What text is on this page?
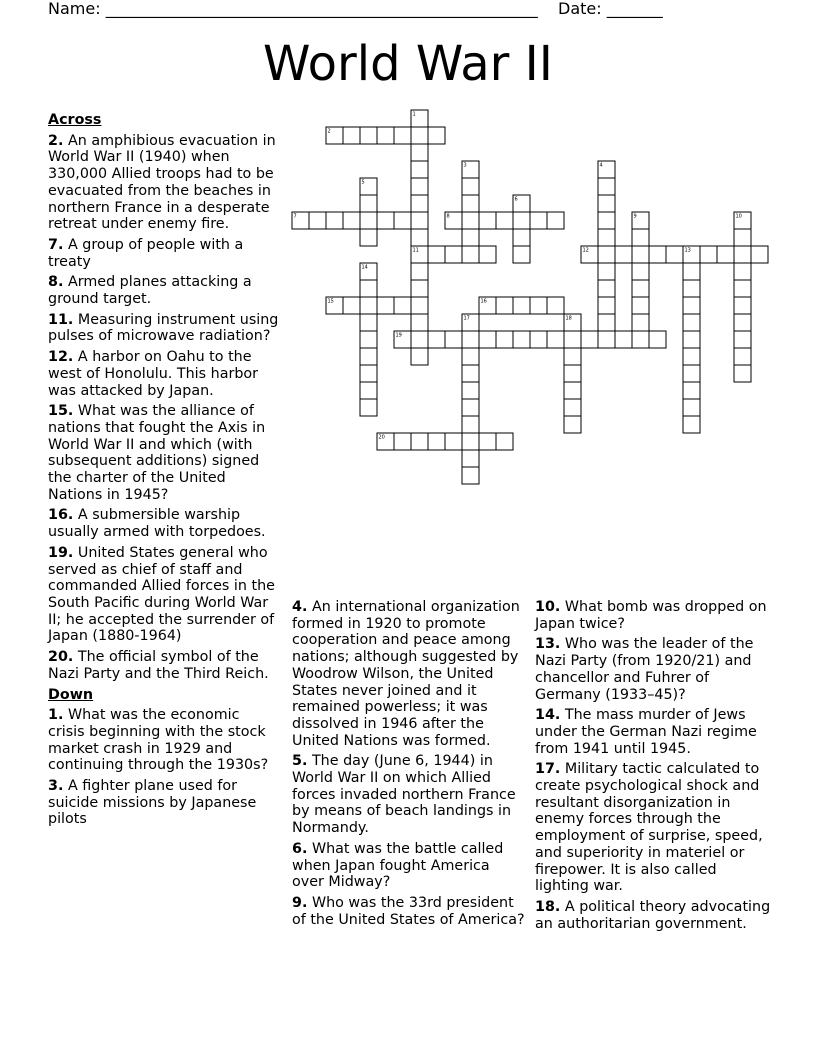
Name: ______________________________________________________ Date: _______
World War II
1
2
3	4
5
6
7	8	9	10
11	12	13
14
15	16
17	18
19
20
Across
2. An amphibious evacuation in World War II (1940) when 330,000 Allied troops had to be evacuated from the beaches in northern France in a desperate retreat under enemy fire.
7. A group of people with a treaty
8. Armed planes attacking a ground target.
11. Measuring instrument using pulses of microwave radiation?
12. A harbor on Oahu to the west of Honolulu. This harbor was attacked by Japan.
15. What was the alliance of nations that fought the Axis in World War II and which (with subsequent additions) signed the charter of the United Nations in 1945?
16. A submersible warship usually armed with torpedoes.
19. United States general who served as chief of staff and commanded Allied forces in the South Pacific during World War II; he accepted the surrender of Japan (1880-1964)
20. The official symbol of the Nazi Party and the Third Reich.
Down
1. What was the economic crisis beginning with the stock market crash in 1929 and continuing through the 1930s?
3. A fighter plane used for suicide missions by Japanese pilots
4. An international organization formed in 1920 to promote cooperation and peace among nations; although suggested by Woodrow Wilson, the United States never joined and it remained powerless; it was dissolved in 1946 after the United Nations was formed.
5. The day (June 6, 1944) in World War II on which Allied forces invaded northern France by means of beach landings in Normandy.
6. What was the battle called when Japan fought America over Midway?
9. Who was the 33rd president of the United States of America?
10. What bomb was dropped on Japan twice?
13. Who was the leader of the Nazi Party (from 1920/21) and chancellor and Fuhrer of Germany (1933–45)?
14. The mass murder of Jews under the German Nazi regime from 1941 until 1945.
17. Military tactic calculated to create psychological shock and resultant disorganization in enemy forces through the employment of surprise, speed, and superiority in materiel or firepower. It is also called lighting war.
18. A political theory advocating an authoritarian government.
